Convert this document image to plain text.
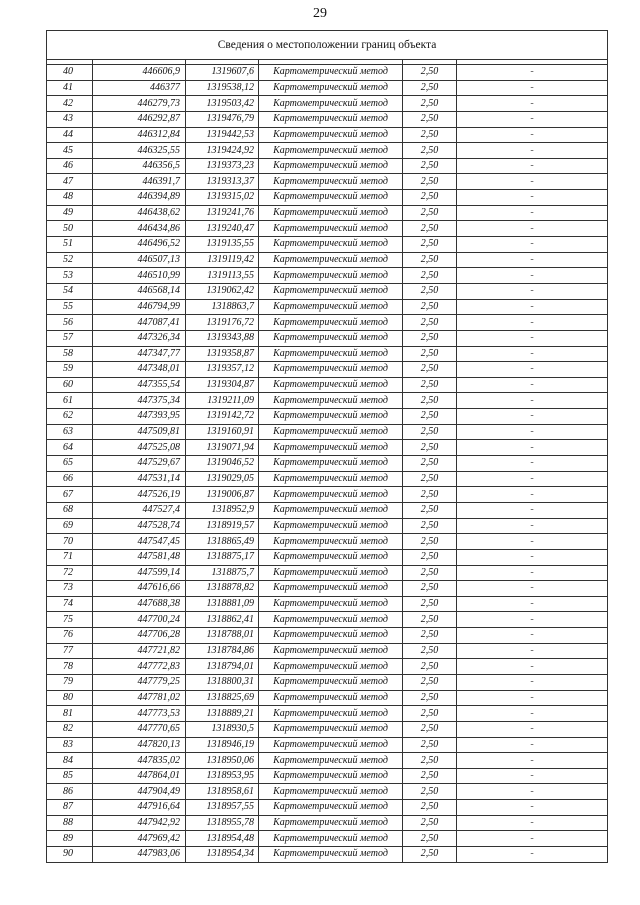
29
Сведения о местоположении границ объекта					

40	446606,9	1319607,6	Картометрический метод	2,50	-
41	446377	1319538,12	Картометрический метод	2,50	-
42	446279,73	1319503,42	Картометрический метод	2,50	-
43	446292,87	1319476,79	Картометрический метод	2,50	-
44	446312,84	1319442,53	Картометрический метод	2,50	-
45	446325,55	1319424,92	Картометрический метод	2,50	-
46	446356,5	1319373,23	Картометрический метод	2,50	-
47	446391,7	1319313,37	Картометрический метод	2,50	-
48	446394,89	1319315,02	Картометрический метод	2,50	-
49	446438,62	1319241,76	Картометрический метод	2,50	-
50	446434,86	1319240,47	Картометрический метод	2,50	-
51	446496,52	1319135,55	Картометрический метод	2,50	-
52	446507,13	1319119,42	Картометрический метод	2,50	-
53	446510,99	1319113,55	Картометрический метод	2,50	-
54	446568,14	1319062,42	Картометрический метод	2,50	-
55	446794,99	1318863,7	Картометрический метод	2,50	-
56	447087,41	1319176,72	Картометрический метод	2,50	-
57	447326,34	1319343,88	Картометрический метод	2,50	-
58	447347,77	1319358,87	Картометрический метод	2,50	-
59	447348,01	1319357,12	Картометрический метод	2,50	-
60	447355,54	1319304,87	Картометрический метод	2,50	-
61	447375,34	1319211,09	Картометрический метод	2,50	-
62	447393,95	1319142,72	Картометрический метод	2,50	-
63	447509,81	1319160,91	Картометрический метод	2,50	-
64	447525,08	1319071,94	Картометрический метод	2,50	-
65	447529,67	1319046,52	Картометрический метод	2,50	-
66	447531,14	1319029,05	Картометрический метод	2,50	-
67	447526,19	1319006,87	Картометрический метод	2,50	-
68	447527,4	1318952,9	Картометрический метод	2,50	-
69	447528,74	1318919,57	Картометрический метод	2,50	-
70	447547,45	1318865,49	Картометрический метод	2,50	-
71	447581,48	1318875,17	Картометрический метод	2,50	-
72	447599,14	1318875,7	Картометрический метод	2,50	-
73	447616,66	1318878,82	Картометрический метод	2,50	-
74	447688,38	1318881,09	Картометрический метод	2,50	-
75	447700,24	1318862,41	Картометрический метод	2,50	-
76	447706,28	1318788,01	Картометрический метод	2,50	-
77	447721,82	1318784,86	Картометрический метод	2,50	-
78	447772,83	1318794,01	Картометрический метод	2,50	-
79	447779,25	1318800,31	Картометрический метод	2,50	-
80	447781,02	1318825,69	Картометрический метод	2,50	-
81	447773,53	1318889,21	Картометрический метод	2,50	-
82	447770,65	1318930,5	Картометрический метод	2,50	-
83	447820,13	1318946,19	Картометрический метод	2,50	-
84	447835,02	1318950,06	Картометрический метод	2,50	-
85	447864,01	1318953,95	Картометрический метод	2,50	-
86	447904,49	1318958,61	Картометрический метод	2,50	-
87	447916,64	1318957,55	Картометрический метод	2,50	-
88	447942,92	1318955,78	Картометрический метод	2,50	-
89	447969,42	1318954,48	Картометрический метод	2,50	-
90	447983,06	1318954,34	Картометрический метод	2,50	-
